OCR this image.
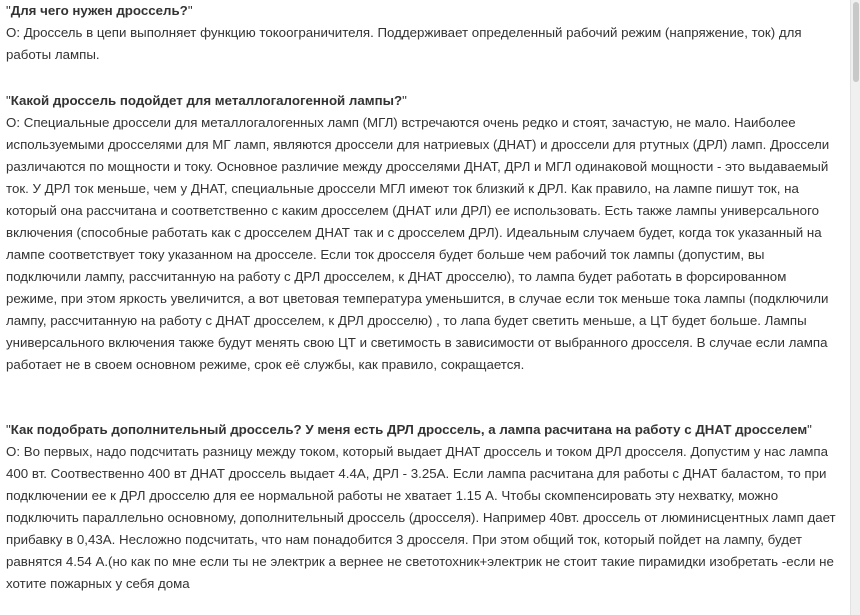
"Для чего нужен дроссель?"

О: Дроссель в цепи выполняет функцию токоограничителя. Поддерживает определенный рабочий режим (напряжение, ток) для работы лампы.

"Какой дроссель подойдет для металлогалогенной лампы?"

О: Специальные дроссели для металлогалогенных ламп (МГЛ) встречаются очень редко и стоят, зачастую, не мало. Наиболее используемыми дросселями для МГ ламп, являются дроссели для натриевых (ДНАТ) и дроссели для ртутных (ДРЛ) ламп. Дроссели различаются по мощности и току. Основное различие между дросселями ДНАТ, ДРЛ и МГЛ одинаковой мощности - это выдаваемый ток. У ДРЛ ток меньше, чем у ДНАТ, специальные дроссели МГЛ имеют ток близкий к ДРЛ. Как правило, на лампе пишут ток, на который она рассчитана и соответственно с каким дросселем (ДНАТ или ДРЛ) ее использовать. Есть также лампы универсального включения (способные работать как с дросселем ДНАТ так и с дросселем ДРЛ). Идеальным случаем будет, когда ток указанный на лампе соответствует току указанном на дросселе. Если ток дросселя будет больше чем рабочий ток лампы (допустим, вы подключили лампу, рассчитанную на работу с ДРЛ дросселем, к ДНАТ дросселю), то лампа будет работать в форсированном режиме, при этом яркость увеличится, а вот цветовая температура уменьшится, в случае если ток меньше тока лампы (подключили лампу, рассчитанную на работу с ДНАТ дросселем, к ДРЛ дросселю) , то лапа будет светить меньше, а ЦТ будет больше. Лампы универсального включения также будут менять свою ЦТ и светимость в зависимости от выбранного дросселя. В случае если лампа работает не в своем основном режиме, срок её службы, как правило, сокращается.

"Как подобрать дополнительный дроссель? У меня есть ДРЛ дроссель, а лампа расчитана на работу с ДНАТ дросселем"

О: Во первых, надо подсчитать разницу между током, который выдает ДНАТ дроссель и током ДРЛ дросселя. Допустим у нас лампа 400 вт. Соотвественно 400 вт ДНАТ дроссель выдает 4.4А, ДРЛ - 3.25А. Если лампа расчитана для работы с ДНАТ баластом, то при подключении ее к ДРЛ дросселю для ее нормальной работы не хватает 1.15 А. Чтобы скомпенсировать эту нехватку, можно подключить параллельно основному, дополнительный дроссель (дросселя). Например 40вт. дроссель от люминисцентных ламп дает прибавку в 0,43А. Несложно подсчитать, что нам понадобится 3 дросселя. При этом общий ток, который пойдет на лампу, будет равнятся 4.54 А.(но как по мне если ты не электрик а вернее не светотохник+электрик не стоит такие пирамидки изобретать -если не хотите пожарных у себя дома
